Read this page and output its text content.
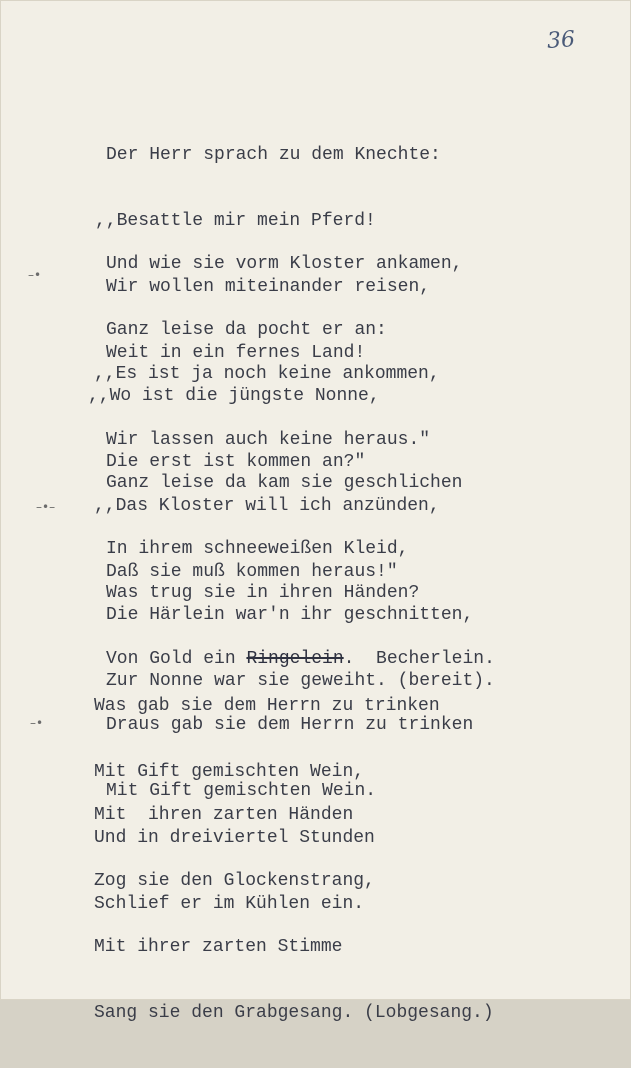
36
–•
–•–
–•

Der Herr sprach zu dem Knechte:

,,Besattle mir mein Pferd!

Wir wollen miteinander reisen,

Weit in ein fernes Land!

Und wie sie vorm Kloster ankamen,

Ganz leise da pocht er an:

,,Wo ist die jüngste Nonne,

Die erst ist kommen an?"

,,Es ist ja noch keine ankommen,

Wir lassen auch keine heraus."

,,Das Kloster will ich anzünden,

Daß sie muß kommen heraus!"

Ganz leise da kam sie geschlichen

In ihrem schneeweißen Kleid,

Die Härlein war'n ihr geschnitten,

Zur Nonne war sie geweiht. (bereit).

Was trug sie in ihren Händen?

Von Gold ein Ringelein.  Becherlein.

Draus gab sie dem Herrn zu trinken

Mit Gift gemischten Wein.

Was gab sie dem Herrn zu trinken

Mit Gift gemischten Wein,

Und in dreiviertel Stunden

Schlief er im Kühlen ein.

Mit  ihren zarten Händen

Zog sie den Glockenstrang,

Mit ihrer zarten Stimme

Sang sie den Grabgesang. (Lobgesang.)
